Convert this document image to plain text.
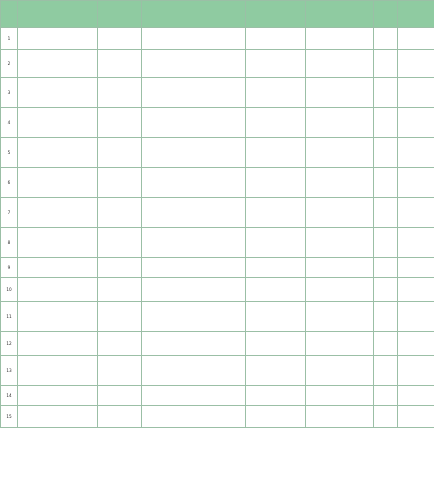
1							
2							
3							
4							
5							
6							
7							
8							
9							
10							
11							
12							
13							
14							
15							
